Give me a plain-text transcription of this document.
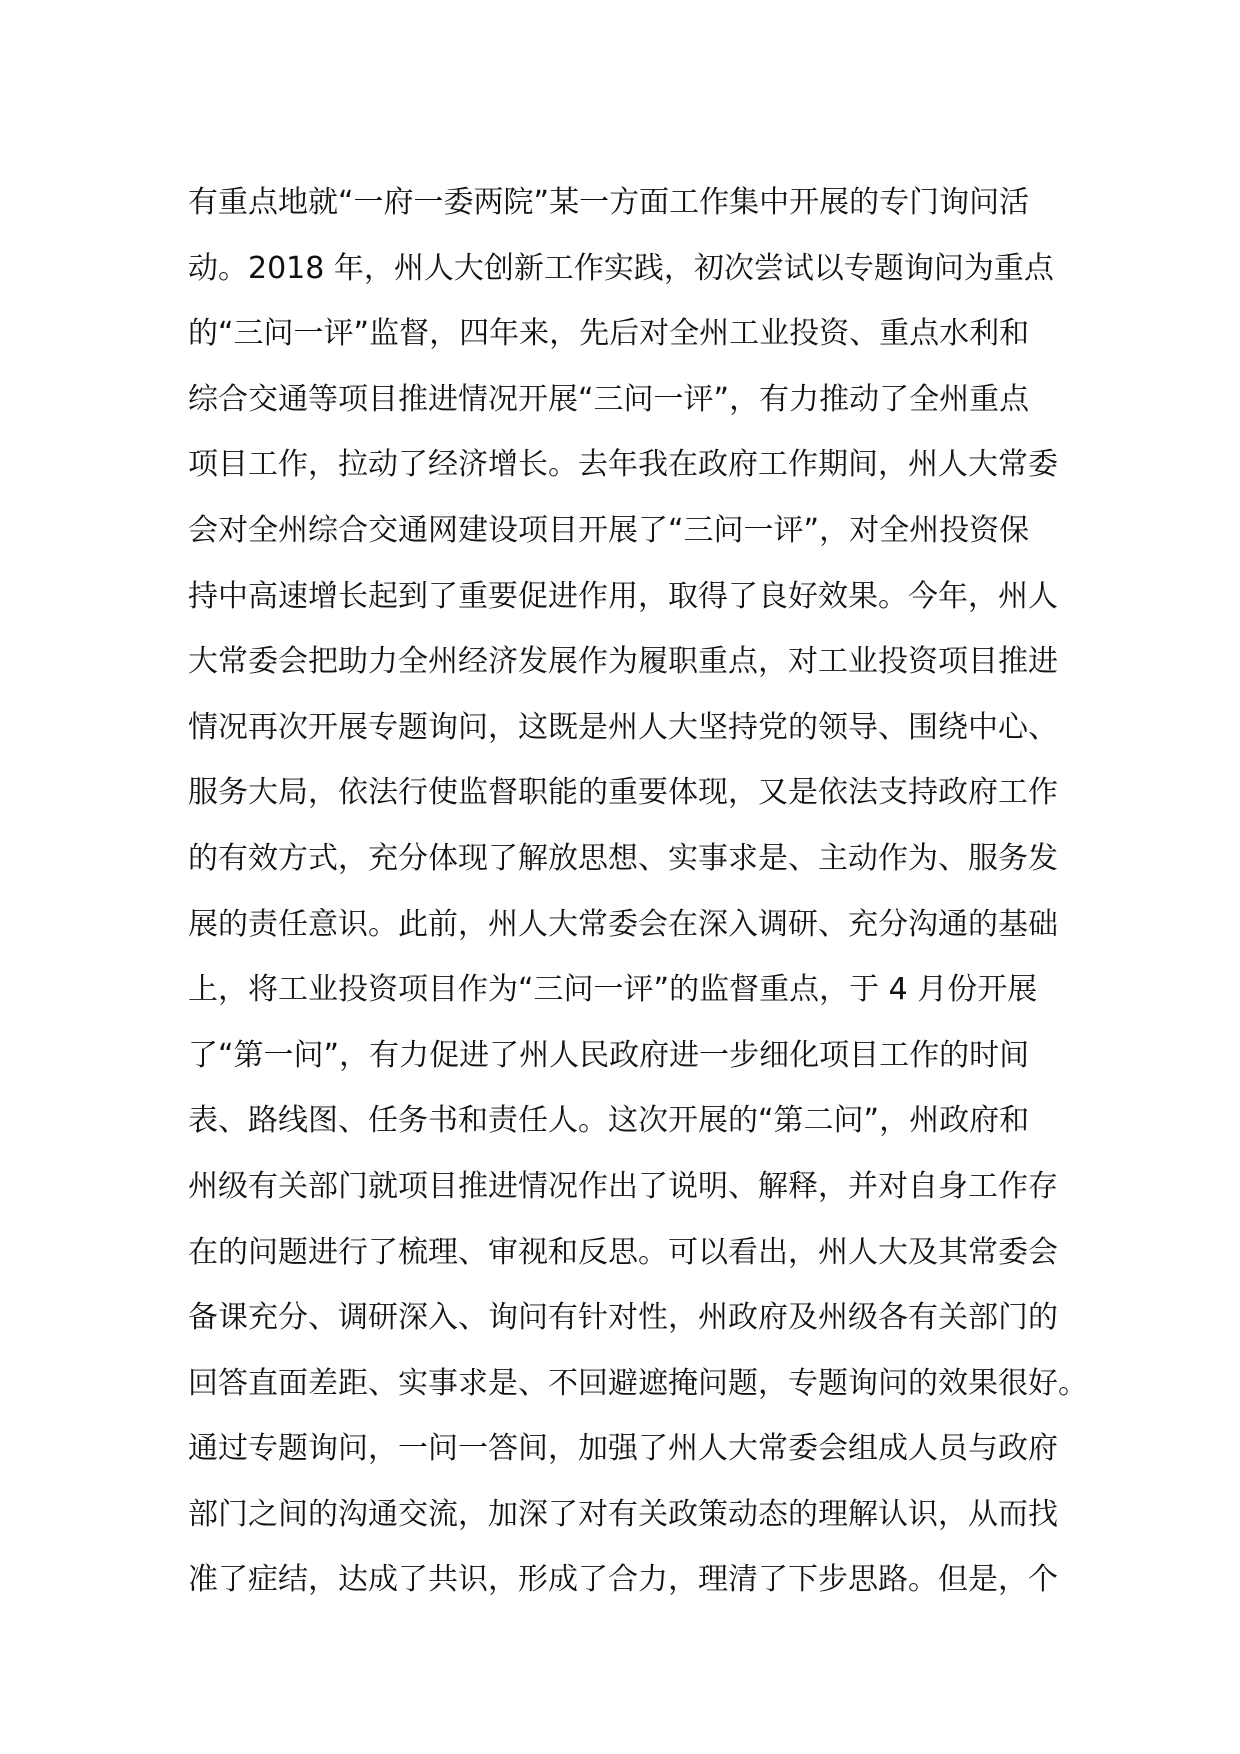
有重点地就“一府一委两院”某一方面工作集中开展的专门询问活
动。2018 年，州人大创新工作实践，初次尝试以专题询问为重点
的“三问一评”监督，四年来，先后对全州工业投资、重点水利和
综合交通等项目推进情况开展“三问一评”，有力推动了全州重点
项目工作，拉动了经济增长。去年我在政府工作期间，州人大常委
会对全州综合交通网建设项目开展了“三问一评”，对全州投资保
持中高速增长起到了重要促进作用，取得了良好效果。今年，州人
大常委会把助力全州经济发展作为履职重点，对工业投资项目推进
情况再次开展专题询问，这既是州人大坚持党的领导、围绕中心、
服务大局，依法行使监督职能的重要体现，又是依法支持政府工作
的有效方式，充分体现了解放思想、实事求是、主动作为、服务发
展的责任意识。此前，州人大常委会在深入调研、充分沟通的基础
上，将工业投资项目作为“三问一评”的监督重点，于 4 月份开展
了“第一问”，有力促进了州人民政府进一步细化项目工作的时间
表、路线图、任务书和责任人。这次开展的“第二问”，州政府和
州级有关部门就项目推进情况作出了说明、解释，并对自身工作存
在的问题进行了梳理、审视和反思。可以看出，州人大及其常委会
备课充分、调研深入、询问有针对性，州政府及州级各有关部门的
回答直面差距、实事求是、不回避遮掩问题，专题询问的效果很好。
通过专题询问，一问一答间，加强了州人大常委会组成人员与政府
部门之间的沟通交流，加深了对有关政策动态的理解认识，从而找
准了症结，达成了共识，形成了合力，理清了下步思路。但是，个
